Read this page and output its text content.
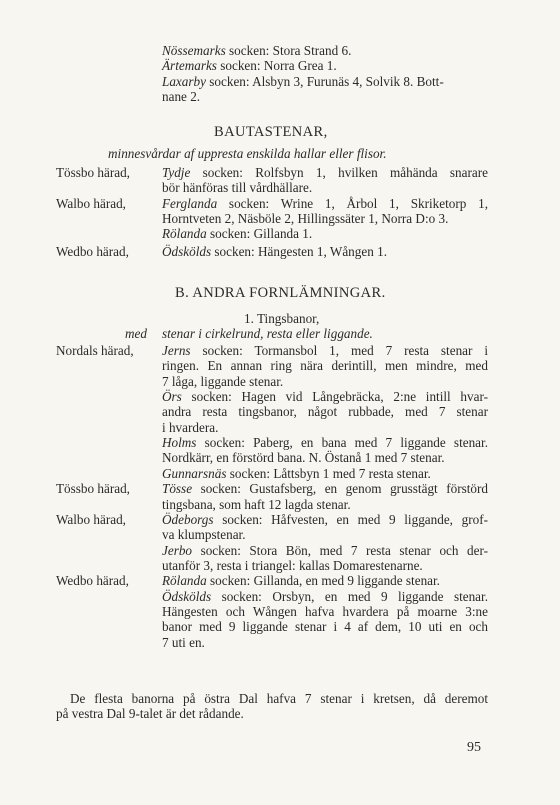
Nössemarks socken: Stora Strand 6.
Ärtemarks socken: Norra Grea 1.
Laxarby socken: Alsbyn 3, Furunäs 4, Solvik 8. Bott-
nane 2.
BAUTASTENAR,
minnesvårdar af uppresta enskilda hallar eller flisor.
Tössbo härad, Tydje socken: Rolfsbyn 1, hvilken måhända snarare
bör hänföras till vårdhällare.
Walbo härad,	Ferglanda socken: Wrine 1, Årbol 1, Skriketorp 1,
Horntveten 2, Näsböle 2, Hillingssäter 1, Norra D:o 3.
Rölanda socken: Gillanda 1.
Wedbo härad,	Ödskölds socken: Hängesten 1, Wången 1.
B. ANDRA FORNLÄMNINGAR.
1. Tingsbanor,
med stenar i cirkelrund, resta eller liggande.
Nordals härad, Jerns socken: Tormansbol 1, med 7 resta stenar i
ringen. En annan ring nära derintill, men mindre, med
7 låga, liggande stenar.
Örs socken: Hagen vid Långebräcka, 2:ne intill hvar-
andra resta tingsbanor, något rubbade, med 7 stenar
i hvardera.
Holms socken: Paberg, en bana med 7 liggande stenar.
Nordkärr, en förstörd bana. N. Östanå 1 med 7 stenar.
Gunnarsnäs socken: Låttsbyn 1 med 7 resta stenar.
Tössbo härad, Tösse socken: Gustafsberg, en genom grusstägt förstörd
tingsbana, som haft 12 lagda stenar.
Walbo härad,	Ödeborgs socken: Håfvesten, en med 9 liggande, grof-
va klumpstenar.
Jerbo socken: Stora Bön, med 7 resta stenar och der-
utanför 3, resta i triangel: kallas Domarestenarne.
Wedbo härad,	Rölanda socken: Gillanda, en med 9 liggande stenar.
Ödskölds socken: Orsbyn, en med 9 liggande stenar.
Hängesten och Wången hafva hvardera på moarne 3:ne
banor med 9 liggande stenar i 4 af dem, 10 uti en och
7 uti en.
De flesta banorna på östra Dal hafva 7 stenar i kretsen, då deremot
på vestra Dal 9-talet är det rådande.
95
